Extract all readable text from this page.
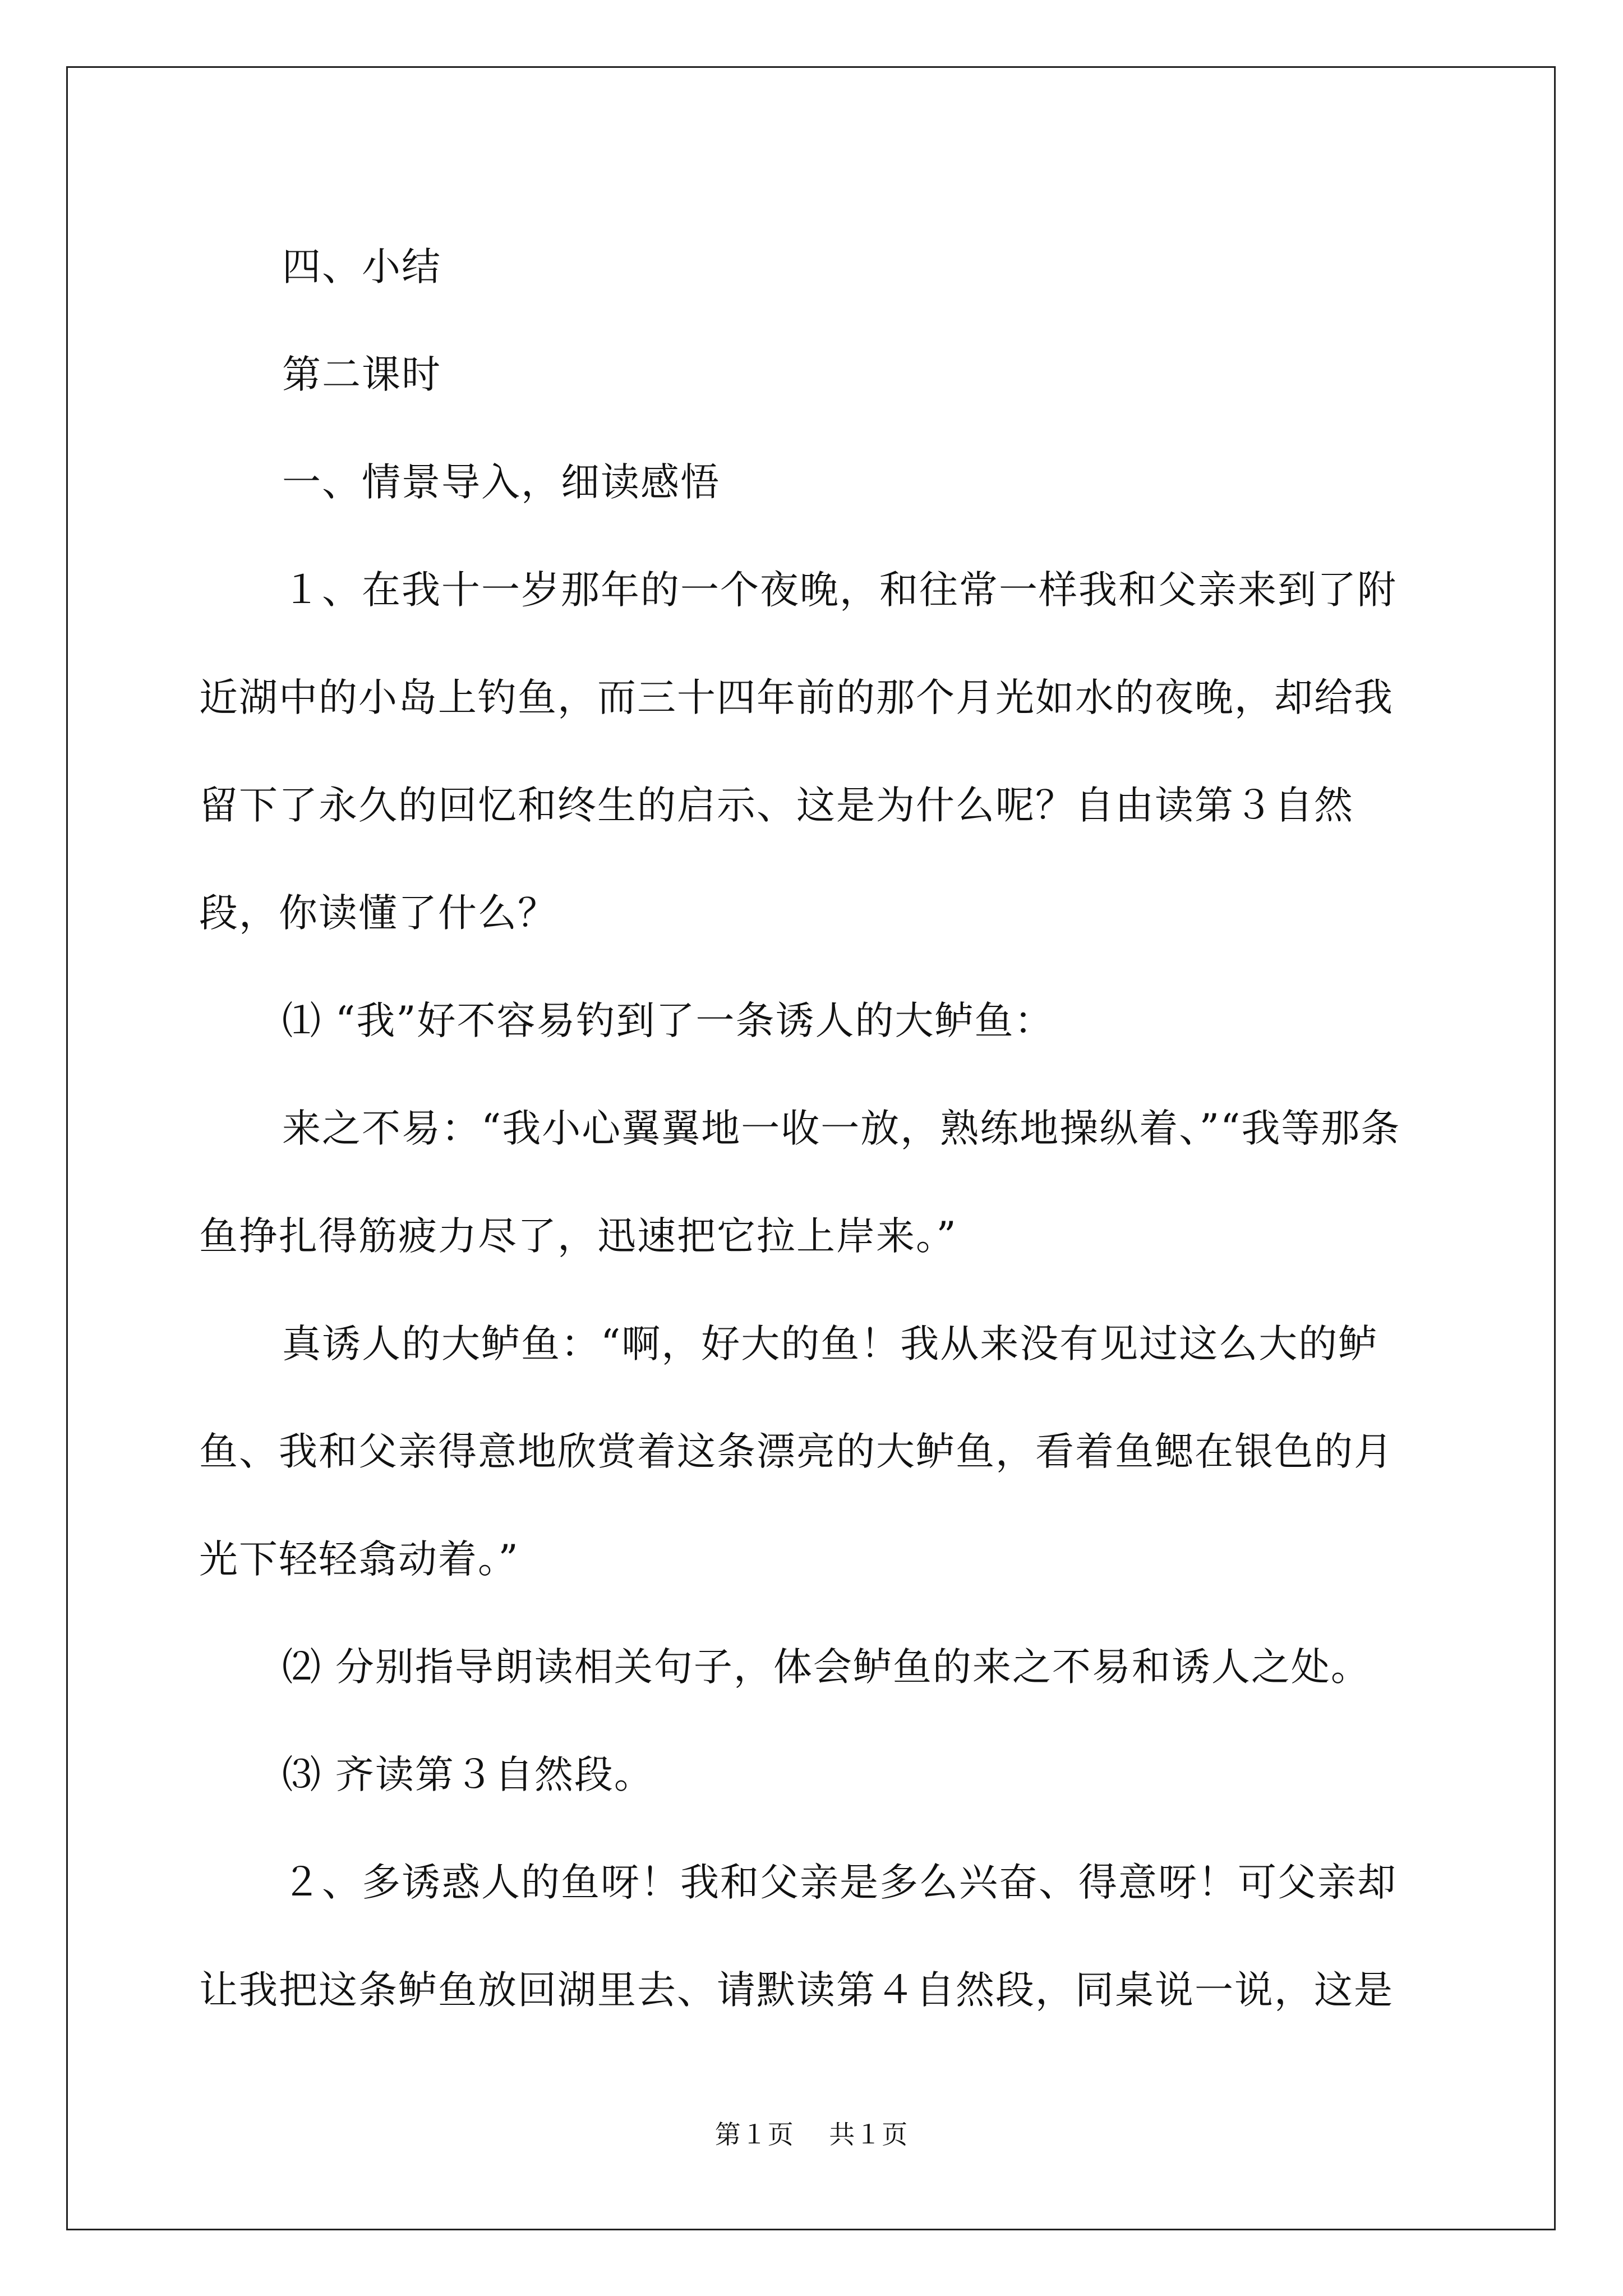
四、小结

第二课时

一、情景导入，细读感悟

１、在我十一岁那年的一个夜晚，和往常一样我和父亲来到了附近湖中的小岛上钓鱼，而三十四年前的那个月光如水的夜晚，却给我留下了永久的回忆和终生的启示、这是为什么呢？自由读第３自然段，你读懂了什么？

⑴ “我”好不容易钓到了一条诱人的大鲈鱼：

来之不易：“我小心翼翼地一收一放，熟练地操纵着、”“我等那条鱼挣扎得筋疲力尽了，迅速把它拉上岸来。”

真诱人的大鲈鱼：“啊，好大的鱼！我从来没有见过这么大的鲈鱼、我和父亲得意地欣赏着这条漂亮的大鲈鱼，看着鱼鳃在银色的月光下轻轻翕动着。”

⑵ 分别指导朗读相关句子，体会鲈鱼的来之不易和诱人之处。

⑶ 齐读第３自然段。

２、多诱惑人的鱼呀！我和父亲是多么兴奋、得意呀！可父亲却让我把这条鲈鱼放回湖里去、请默读第４自然段，同桌说一说，这是

第１页 共１页
